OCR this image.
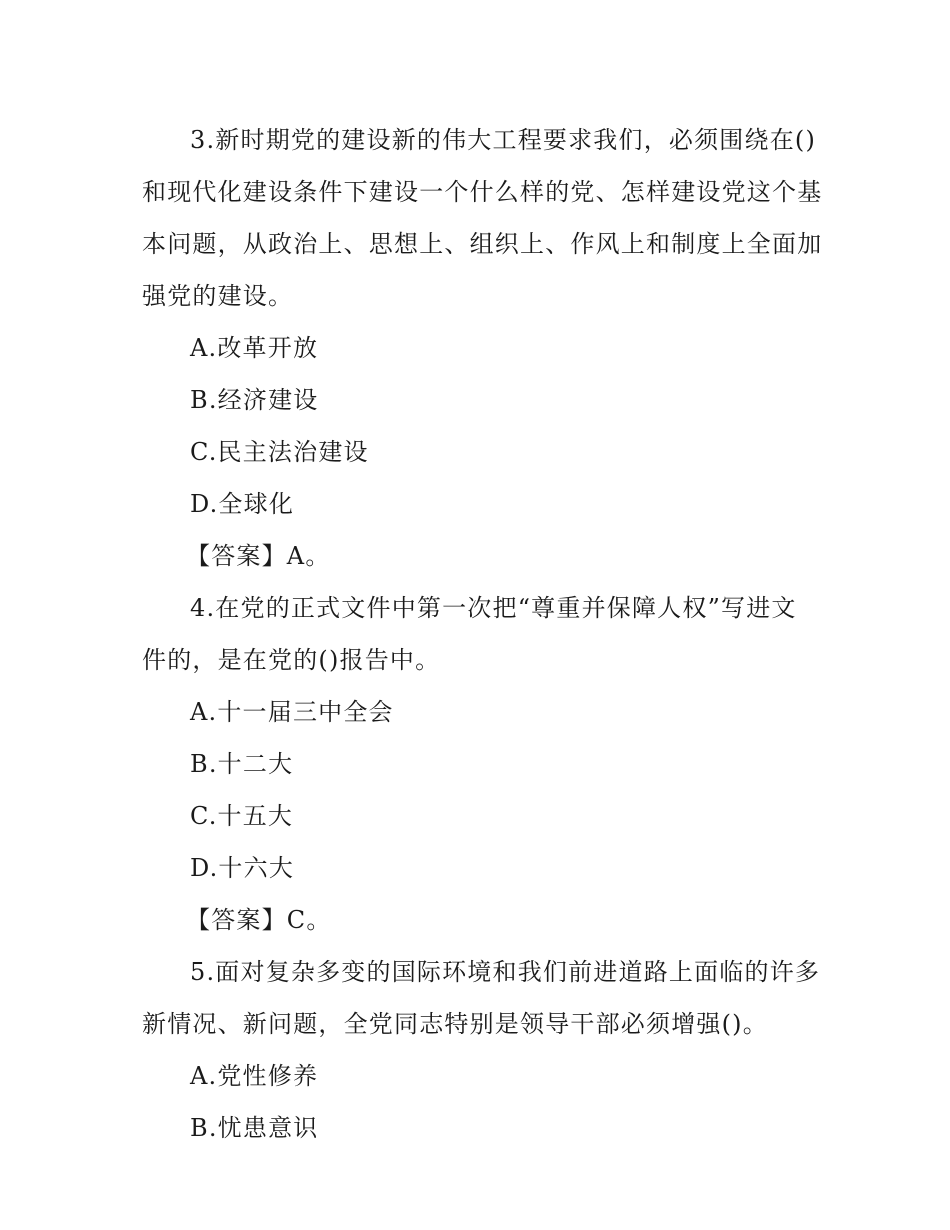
3.新时期党的建设新的伟大工程要求我们，必须围绕在()
和现代化建设条件下建设一个什么样的党、怎样建设党这个基
本问题，从政治上、思想上、组织上、作风上和制度上全面加
强党的建设。
A.改革开放
B.经济建设
C.民主法治建设
D.全球化
【答案】A。
4.在党的正式文件中第一次把“尊重并保障人权”写进文
件的，是在党的()报告中。
A.十一届三中全会
B.十二大
C.十五大
D.十六大
【答案】C。
5.面对复杂多变的国际环境和我们前进道路上面临的许多
新情况、新问题，全党同志特别是领导干部必须增强()。
A.党性修养
B.忧患意识
